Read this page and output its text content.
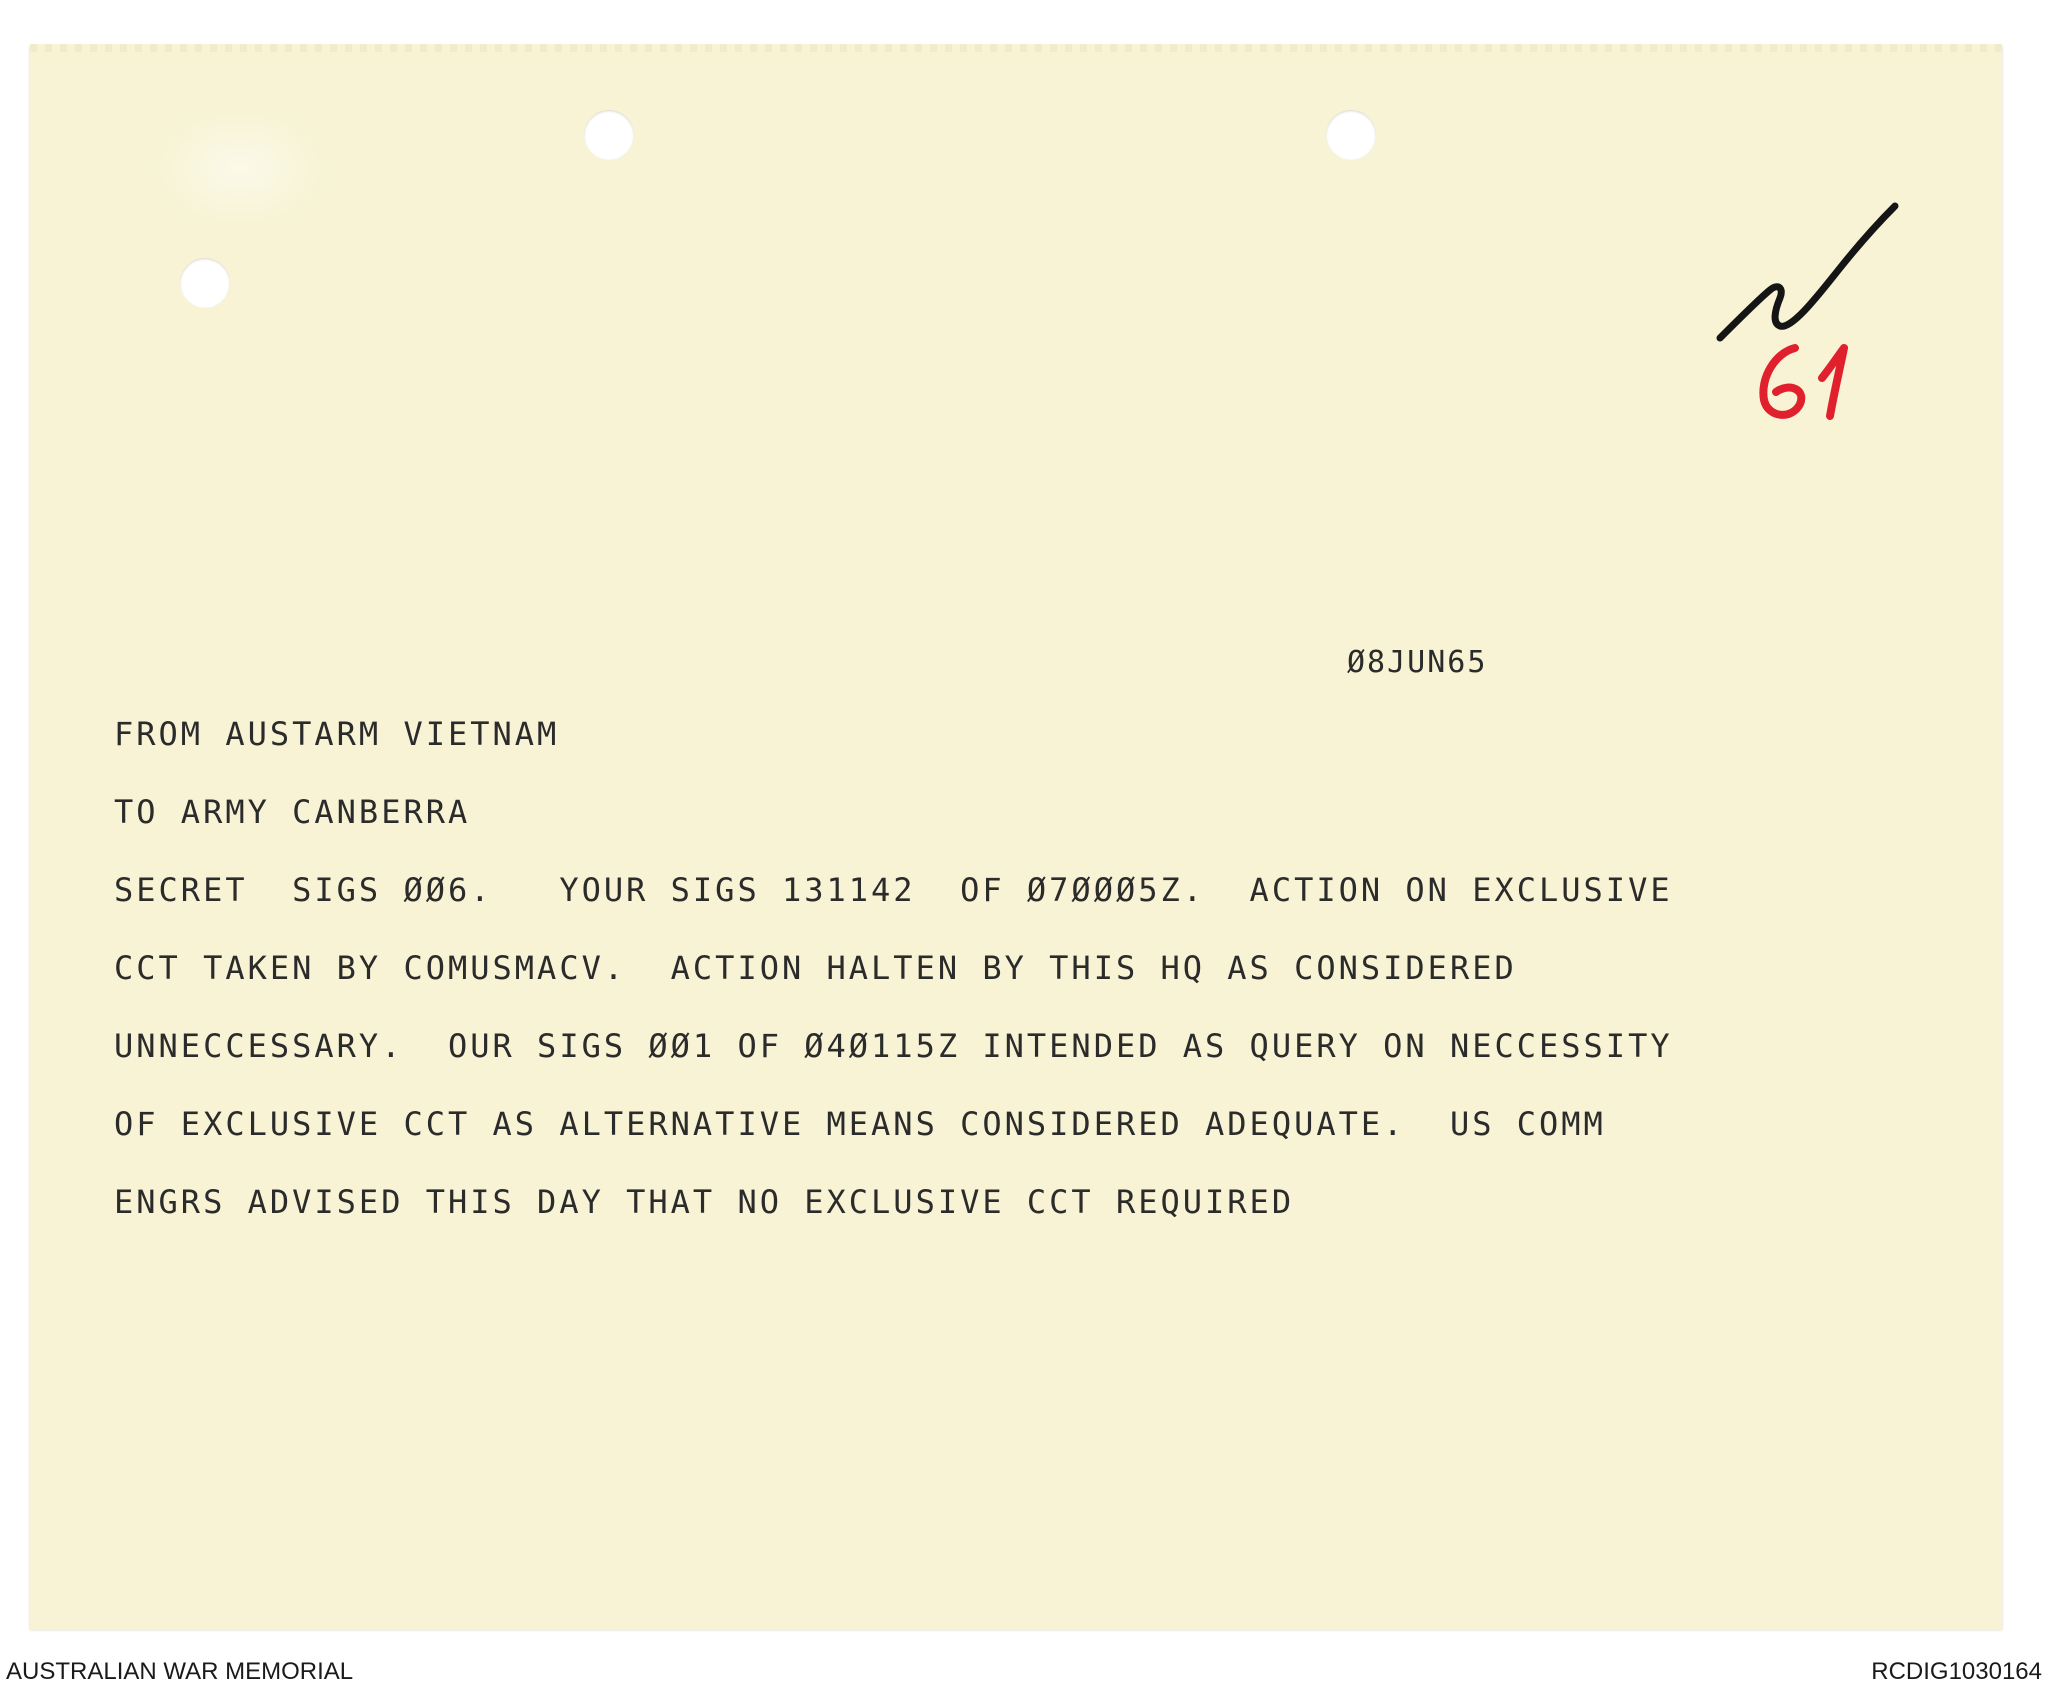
Ø8JUN65
FROM AUSTARM VIETNAM
TO ARMY CANBERRA
SECRET  SIGS ØØ6.   YOUR SIGS 131142  OF Ø7ØØØ5Z.  ACTION ON EXCLUSIVE
CCT TAKEN BY COMUSMACV.  ACTION HALTEN BY THIS HQ AS CONSIDERED
UNNECCESSARY.  OUR SIGS ØØ1 OF Ø4Ø115Z INTENDED AS QUERY ON NECCESSITY
OF EXCLUSIVE CCT AS ALTERNATIVE MEANS CONSIDERED ADEQUATE.  US COMM
ENGRS ADVISED THIS DAY THAT NO EXCLUSIVE CCT REQUIRED
AUSTRALIAN WAR MEMORIAL	RCDIG1030164
